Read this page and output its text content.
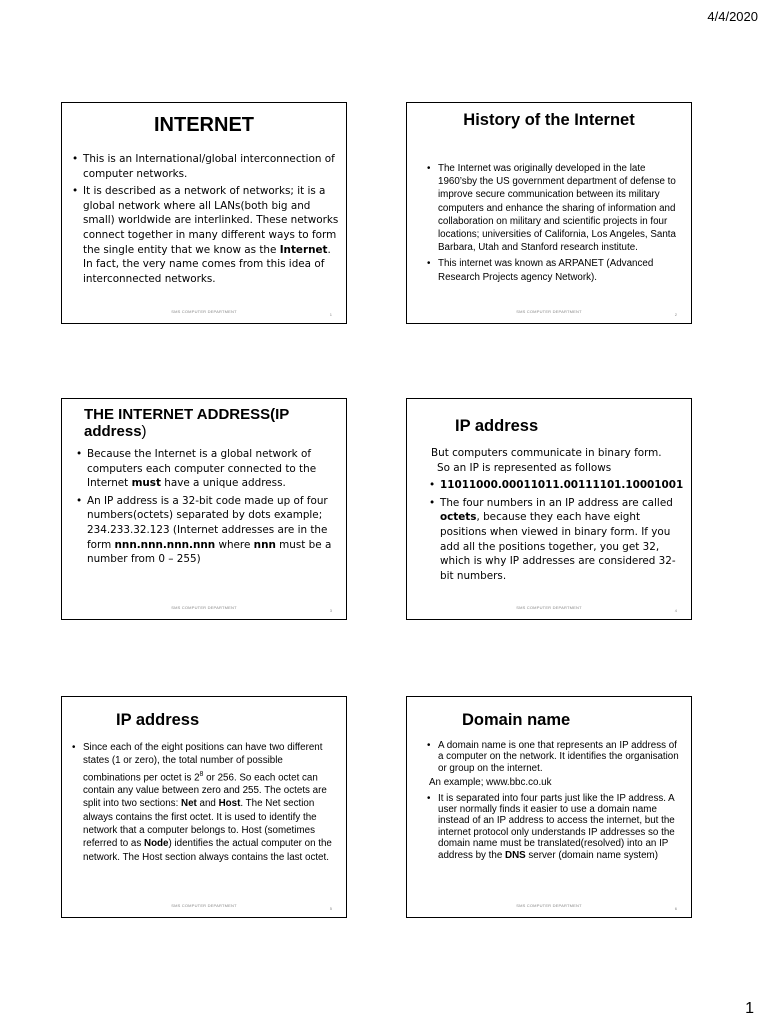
4/4/2020
INTERNET
• This is an International/global interconnection of computer networks.
• It is described as a network of networks; it is a global network where all LANs(both big and small) worldwide are interlinked. These networks connect together in many different ways to form the single entity that we know as the Internet. In fact, the very name comes from this idea of interconnected networks.
SMS COMPUTER DEPARTMENT
1
History of the Internet
• The Internet was originally developed in the late 1960’sby the US government department of defense to improve secure communication between its military computers and enhance the sharing of information and collaboration on military and scientific projects in four locations; universities of California, Los Angeles, Santa Barbara, Utah and Stanford research institute.
• This internet was known as ARPANET (Advanced Research Projects agency Network).
SMS COMPUTER DEPARTMENT
2
THE INTERNET ADDRESS(IP address)
• Because the Internet is a global network of computers each computer connected to the Internet must have a unique address.
• An IP address is a 32-bit code made up of four numbers(octets) separated by dots example; 234.233.32.123 (Internet addresses are in the form nnn.nnn.nnn.nnn where nnn must be a number from 0 – 255)
SMS COMPUTER DEPARTMENT
3
IP address
But computers communicate in binary form.
So an IP is represented as follows
• 11011000.00011011.00111101.10001001
• The four numbers in an IP address are called octets, because they each have eight positions when viewed in binary form. If you add all the positions together, you get 32, which is why IP addresses are considered 32-bit numbers.
SMS COMPUTER DEPARTMENT
4
IP address
• Since each of the eight positions can have two different states (1 or zero), the total number of possible combinations per octet is $2^8$ or 256. So each octet can contain any value between zero and 255. The octets are split into two sections: Net and Host. The Net section always contains the first octet. It is used to identify the network that a computer belongs to. Host (sometimes referred to as Node) identifies the actual computer on the network. The Host section always contains the last octet.
SMS COMPUTER DEPARTMENT
5
Domain name
• A domain name is one that represents an IP address of a computer on the network. It identifies the organisation or group on the internet.
An example; www.bbc.co.uk
• It is separated into four parts just like the IP address. A user normally finds it easier to use a domain name instead of an IP address to access the internet, but the internet protocol only understands IP addresses so the domain name must be translated(resolved) into an IP address by the DNS server (domain name system)
SMS COMPUTER DEPARTMENT
6
1
